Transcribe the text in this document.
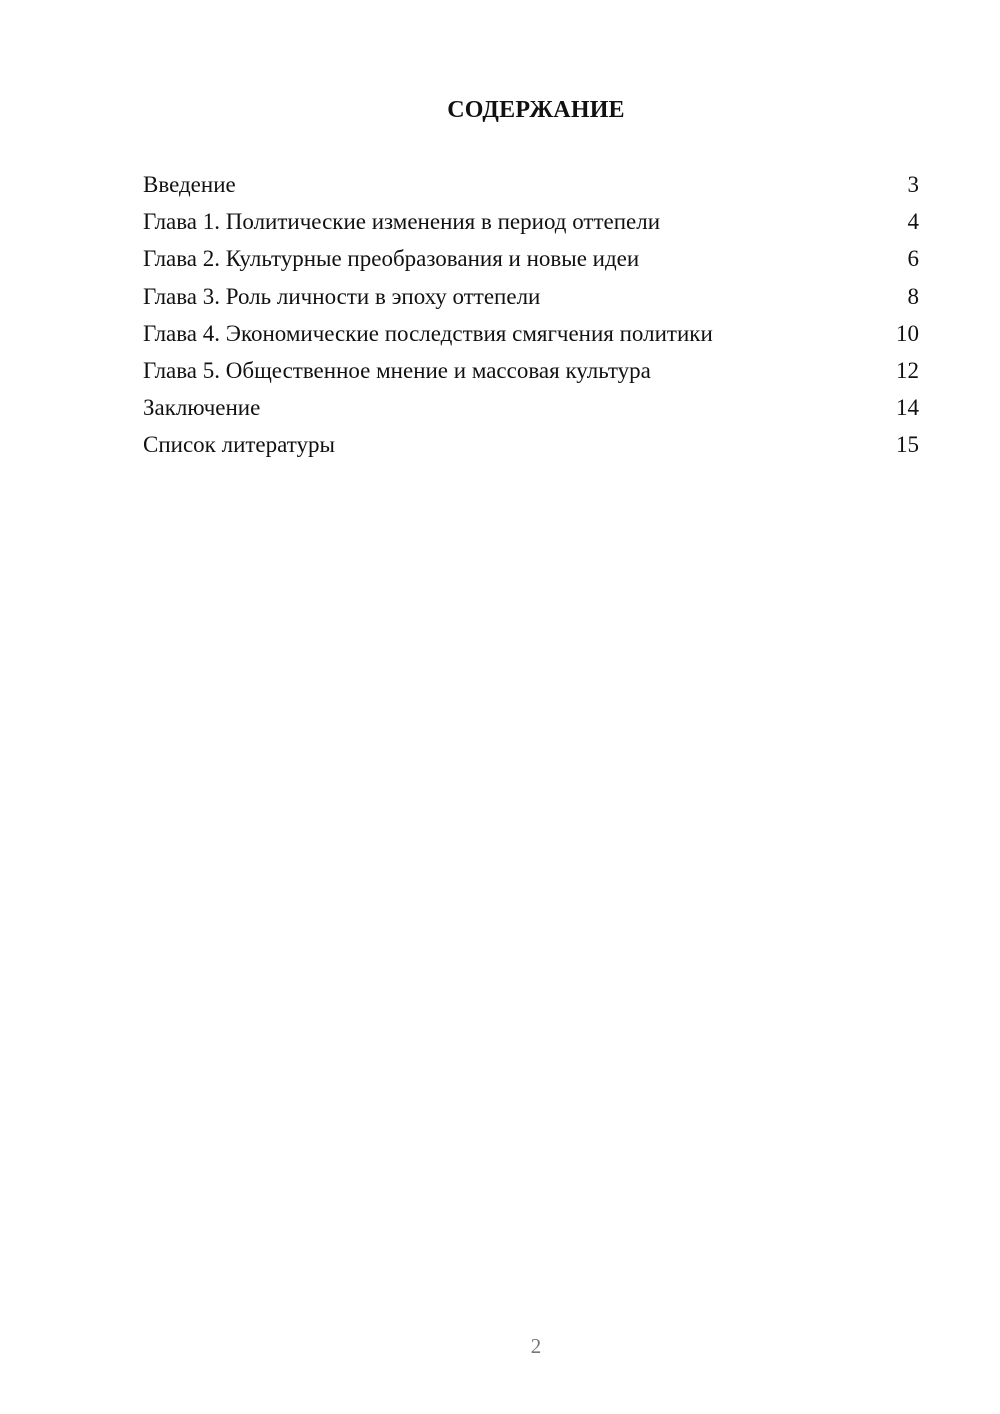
СОДЕРЖАНИЕ
Введение	3
Глава 1. Политические изменения в период оттепели	4
Глава 2. Культурные преобразования и новые идеи	6
Глава 3. Роль личности в эпоху оттепели	8
Глава 4. Экономические последствия смягчения политики	10
Глава 5. Общественное мнение и массовая культура	12
Заключение	14
Список литературы	15
2
